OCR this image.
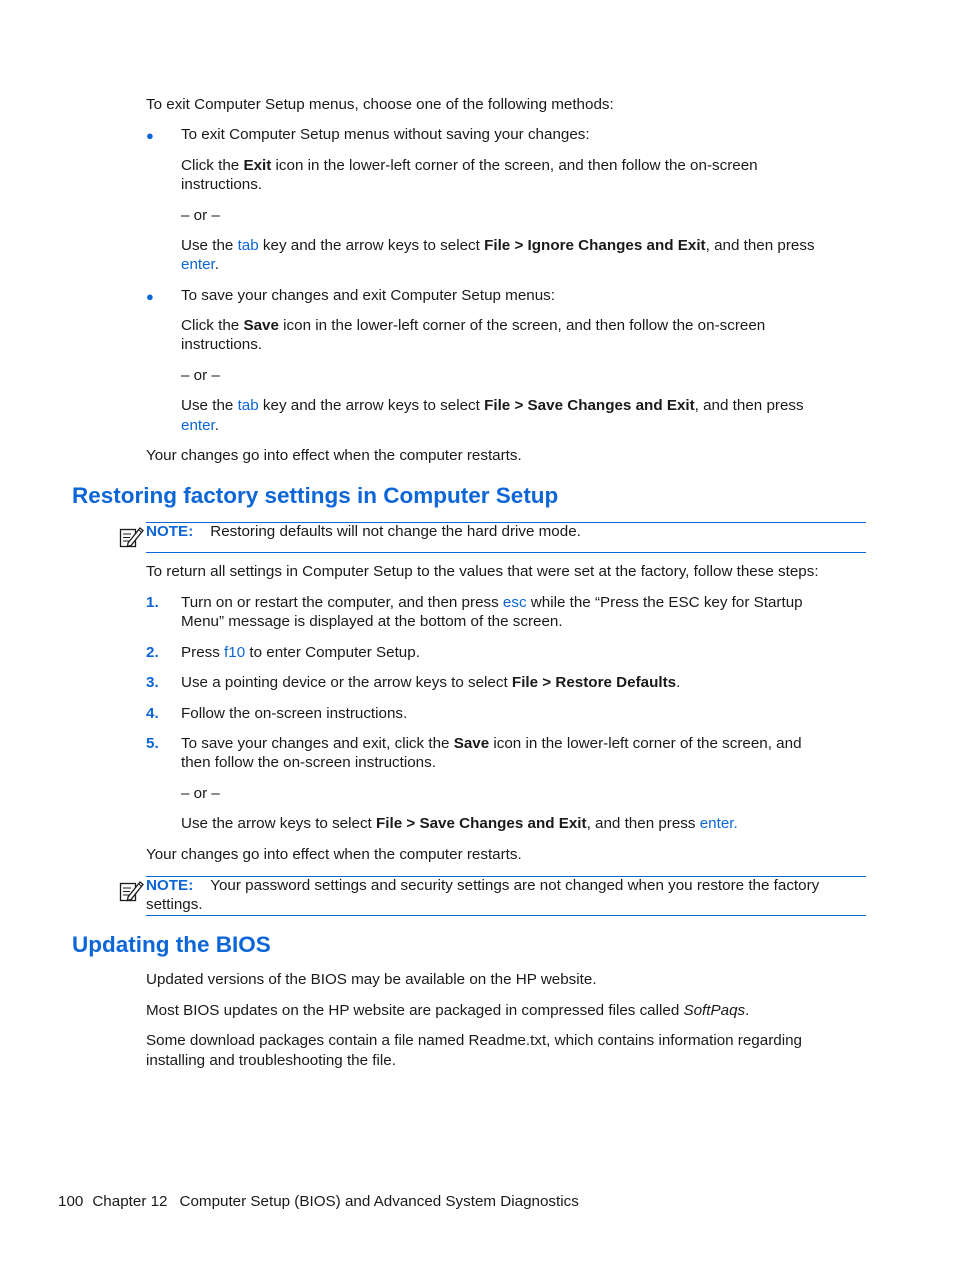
To exit Computer Setup menus, choose one of the following methods:
● To exit Computer Setup menus without saving your changes:
Click the Exit icon in the lower-left corner of the screen, and then follow the on-screen
instructions.
– or –
Use the tab key and the arrow keys to select File > Ignore Changes and Exit, and then press
enter.
● To save your changes and exit Computer Setup menus:
Click the Save icon in the lower-left corner of the screen, and then follow the on-screen
instructions.
– or –
Use the tab key and the arrow keys to select File > Save Changes and Exit, and then press
enter.
Your changes go into effect when the computer restarts.
Restoring factory settings in Computer Setup
NOTE: Restoring defaults will not change the hard drive mode.
To return all settings in Computer Setup to the values that were set at the factory, follow these steps:
1. Turn on or restart the computer, and then press esc while the “Press the ESC key for Startup
Menu” message is displayed at the bottom of the screen.
2. Press f10 to enter Computer Setup.
3. Use a pointing device or the arrow keys to select File > Restore Defaults.
4. Follow the on-screen instructions.
5. To save your changes and exit, click the Save icon in the lower-left corner of the screen, and
then follow the on-screen instructions.
– or –
Use the arrow keys to select File > Save Changes and Exit, and then press enter.
Your changes go into effect when the computer restarts.
NOTE: Your password settings and security settings are not changed when you restore the factory
settings.
Updating the BIOS
Updated versions of the BIOS may be available on the HP website.
Most BIOS updates on the HP website are packaged in compressed files called SoftPaqs.
Some download packages contain a file named Readme.txt, which contains information regarding
installing and troubleshooting the file.
100 Chapter 12 Computer Setup (BIOS) and Advanced System Diagnostics
